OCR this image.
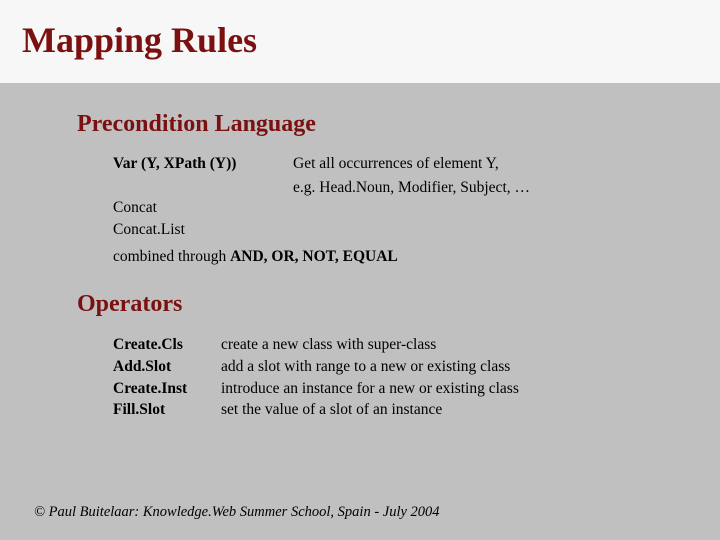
Mapping Rules
Precondition Language
Var (Y, XPath (Y))	Get all occurrences of element Y,
e.g. Head.Noun, Modifier, Subject, …
Concat
Concat.List
combined through AND, OR, NOT, EQUAL
Operators
Create.Cls create a new class with super-class
Add.Slot	add a slot with range to a new or existing class
Create.Inst introduce an instance for a new or existing class
Fill.Slot	set the value of a slot of an instance
© Paul Buitelaar: Knowledge.Web Summer School, Spain - July 2004
